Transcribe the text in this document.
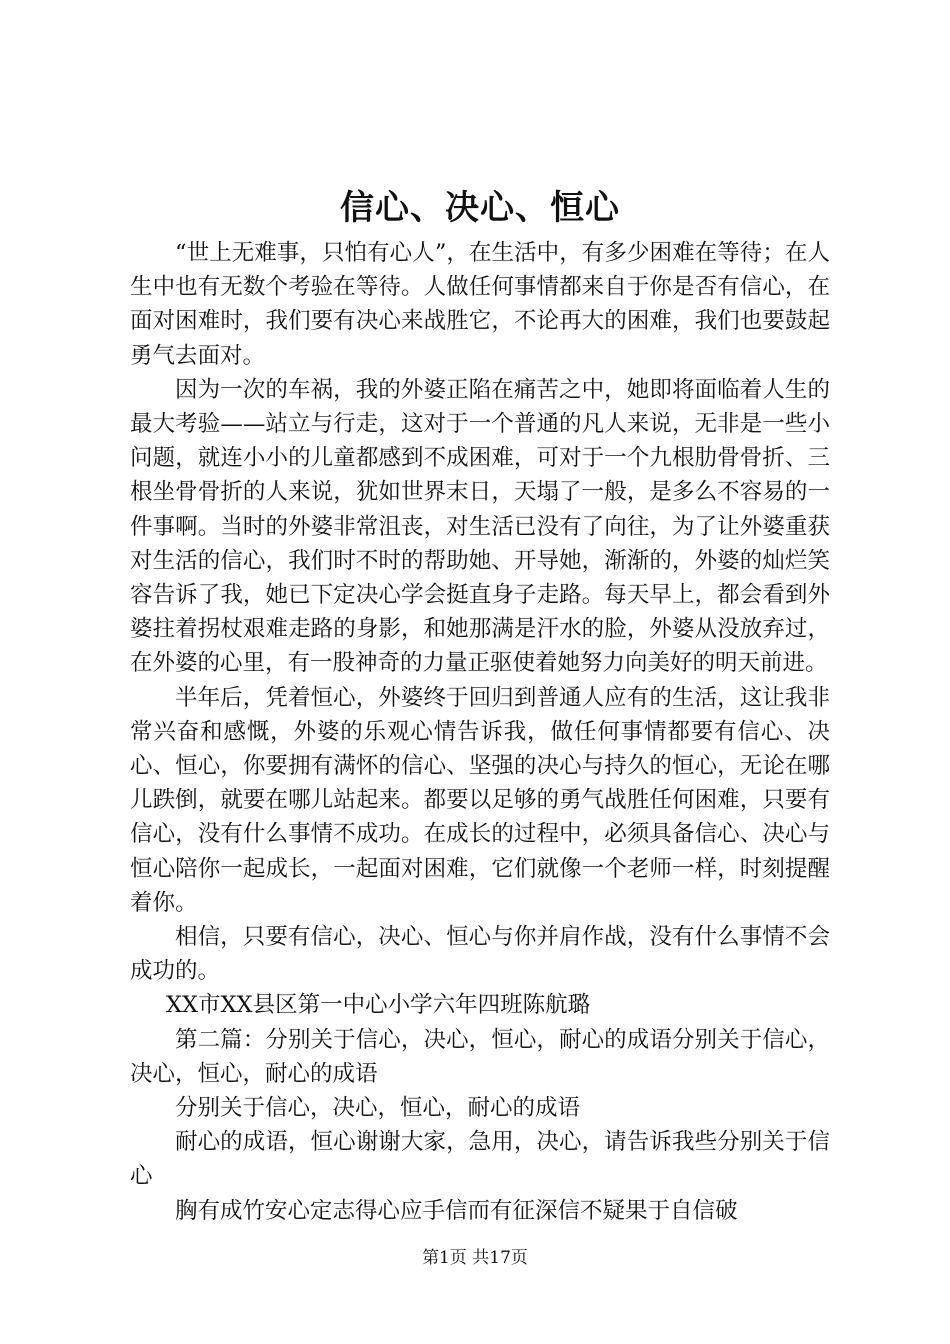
信心、决心、恒心

“世上无难事，只怕有心人”，在生活中，有多少困难在等待；在人生中也有无数个考验在等待。人做任何事情都来自于你是否有信心，在面对困难时，我们要有决心来战胜它，不论再大的困难，我们也要鼓起勇气去面对。

因为一次的车祸，我的外婆正陷在痛苦之中，她即将面临着人生的最大考验——站立与行走，这对于一个普通的凡人来说，无非是一些小问题，就连小小的儿童都感到不成困难，可对于一个九根肋骨骨折、三根坐骨骨折的人来说，犹如世界末日，天塌了一般，是多么不容易的一件事啊。当时的外婆非常沮丧，对生活已没有了向往，为了让外婆重获对生活的信心，我们时不时的帮助她、开导她，渐渐的，外婆的灿烂笑容告诉了我，她已下定决心学会挺直身子走路。每天早上，都会看到外婆拄着拐杖艰难走路的身影，和她那满是汗水的脸，外婆从没放弃过，在外婆的心里，有一股神奇的力量正驱使着她努力向美好的明天前进。

半年后，凭着恒心，外婆终于回归到普通人应有的生活，这让我非常兴奋和感慨，外婆的乐观心情告诉我，做任何事情都要有信心、决心、恒心，你要拥有满怀的信心、坚强的决心与持久的恒心，无论在哪儿跌倒，就要在哪儿站起来。都要以足够的勇气战胜任何困难，只要有信心，没有什么事情不成功。在成长的过程中，必须具备信心、决心与恒心陪你一起成长，一起面对困难，它们就像一个老师一样，时刻提醒着你。

相信，只要有信心，决心、恒心与你并肩作战，没有什么事情不会成功的。

XX市XX县区第一中心小学六年四班陈航璐

第二篇：分别关于信心，决心，恒心，耐心的成语分别关于信心，决心，恒心，耐心的成语

分别关于信心，决心，恒心，耐心的成语

耐心的成语，恒心谢谢大家，急用，决心，请告诉我些分别关于信心

胸有成竹安心定志得心应手信而有征深信不疑果于自信破

第1页 共17页
